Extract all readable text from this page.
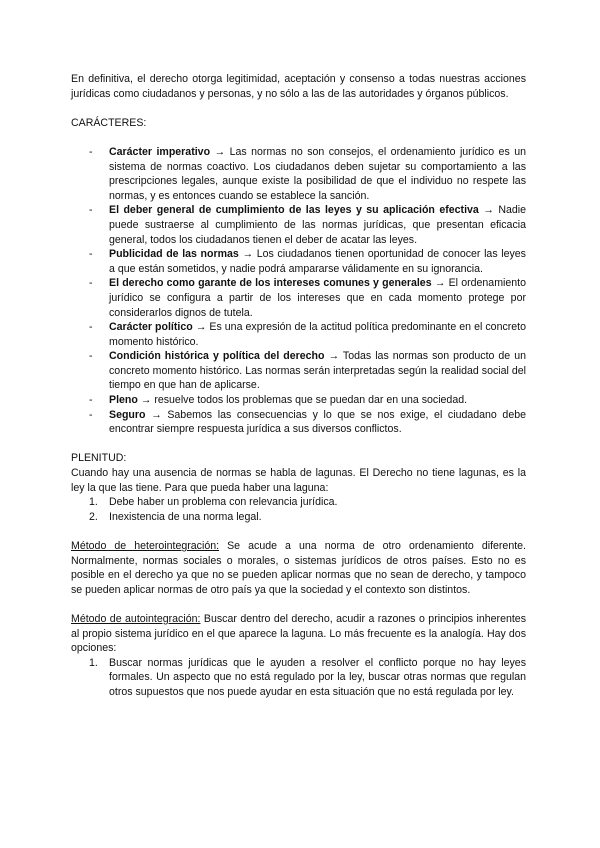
En definitiva, el derecho otorga legitimidad, aceptación y consenso a todas nuestras acciones jurídicas como ciudadanos y personas, y no sólo a las de las autoridades y órganos públicos.

CARÁCTERES:

- Carácter imperativo → Las normas no son consejos, el ordenamiento jurídico es un sistema de normas coactivo. Los ciudadanos deben sujetar su comportamiento a las prescripciones legales, aunque existe la posibilidad de que el individuo no respete las normas, y es entonces cuando se establece la sanción.
- El deber general de cumplimiento de las leyes y su aplicación efectiva → Nadie puede sustraerse al cumplimiento de las normas jurídicas, que presentan eficacia general, todos los ciudadanos tienen el deber de acatar las leyes.
- Publicidad de las normas → Los ciudadanos tienen oportunidad de conocer las leyes a que están sometidos, y nadie podrá ampararse válidamente en su ignorancia.
- El derecho como garante de los intereses comunes y generales → El ordenamiento jurídico se configura a partir de los intereses que en cada momento protege por considerarlos dignos de tutela.
- Carácter político → Es una expresión de la actitud política predominante en el concreto momento histórico.
- Condición histórica y política del derecho → Todas las normas son producto de un concreto momento histórico. Las normas serán interpretadas según la realidad social del tiempo en que han de aplicarse.
- Pleno → resuelve todos los problemas que se puedan dar en una sociedad.
- Seguro → Sabemos las consecuencias y lo que se nos exige, el ciudadano debe encontrar siempre respuesta jurídica a sus diversos conflictos.

PLENITUD:

Cuando hay una ausencia de normas se habla de lagunas. El Derecho no tiene lagunas, es la ley la que las tiene. Para que pueda haber una laguna:

1. Debe haber un problema con relevancia jurídica.
2. Inexistencia de una norma legal.

Método de heterointegración: Se acude a una norma de otro ordenamiento diferente. Normalmente, normas sociales o morales, o sistemas jurídicos de otros países. Esto no es posible en el derecho ya que no se pueden aplicar normas que no sean de derecho, y tampoco se pueden aplicar normas de otro país ya que la sociedad y el contexto son distintos.

Método de autointegración: Buscar dentro del derecho, acudir a razones o principios inherentes al propio sistema jurídico en el que aparece la laguna. Lo más frecuente es la analogía. Hay dos opciones:

1. Buscar normas jurídicas que le ayuden a resolver el conflicto porque no hay leyes formales. Un aspecto que no está regulado por la ley, buscar otras normas que regulan otros supuestos que nos puede ayudar en esta situación que no está regulada por ley.
